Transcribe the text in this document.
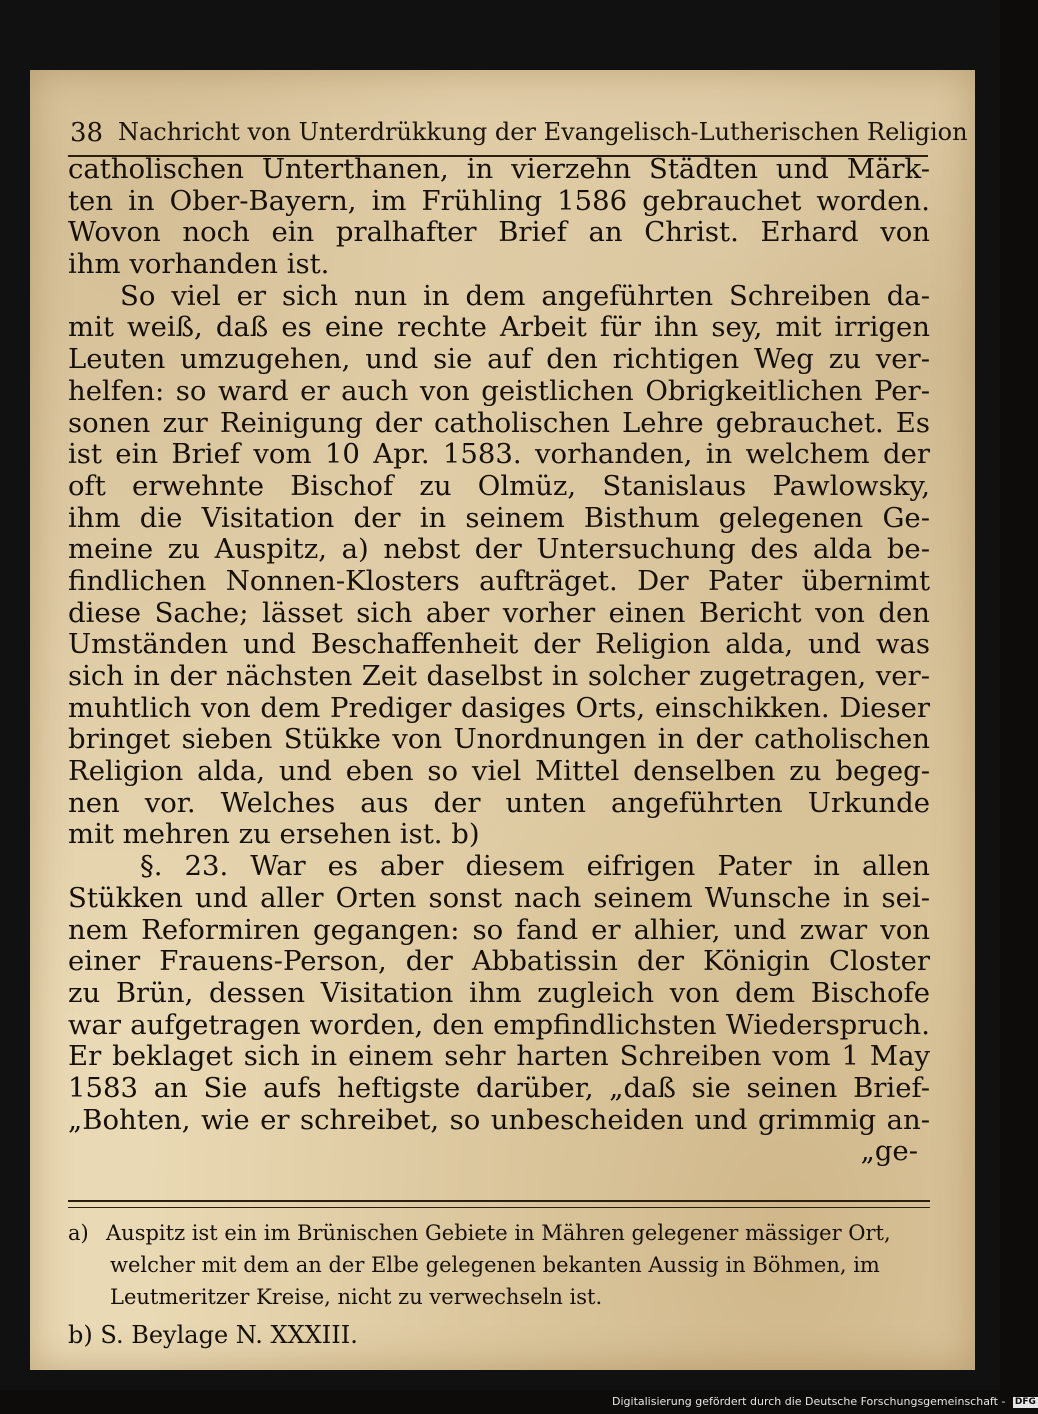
38 Nachricht von Unterdrükkung der Evangelisch-Lutherischen Religion
catholischen Unterthanen, in vierzehn Städten und Märk-
ten in Ober-Bayern, im Frühling 1586 gebrauchet worden.
Wovon noch ein pralhafter Brief an Christ. Erhard von
ihm vorhanden ist.
So viel er sich nun in dem angeführten Schreiben da-
mit weiß, daß es eine rechte Arbeit für ihn sey, mit irrigen
Leuten umzugehen, und sie auf den richtigen Weg zu ver-
helfen: so ward er auch von geistlichen Obrigkeitlichen Per-
sonen zur Reinigung der catholischen Lehre gebrauchet. Es
ist ein Brief vom 10 Apr. 1583. vorhanden, in welchem der
oft erwehnte Bischof zu Olmüz, Stanislaus Pawlowsky,
ihm die Visitation der in seinem Bisthum gelegenen Ge-
meine zu Auspitz, a) nebst der Untersuchung des alda be-
findlichen Nonnen-Klosters aufträget. Der Pater übernimt
diese Sache; lässet sich aber vorher einen Bericht von den
Umständen und Beschaffenheit der Religion alda, und was
sich in der nächsten Zeit daselbst in solcher zugetragen, ver-
muhtlich von dem Prediger dasiges Orts, einschikken. Dieser
bringet sieben Stükke von Unordnungen in der catholischen
Religion alda, und eben so viel Mittel denselben zu begeg-
nen vor. Welches aus der unten angeführten Urkunde
mit mehren zu ersehen ist. b)
§. 23. War es aber diesem eifrigen Pater in allen
Stükken und aller Orten sonst nach seinem Wunsche in sei-
nem Reformiren gegangen: so fand er alhier, und zwar von
einer Frauens-Person, der Abbatissin der Königin Closter
zu Brün, dessen Visitation ihm zugleich von dem Bischofe
war aufgetragen worden, den empfindlichsten Wiederspruch.
Er beklaget sich in einem sehr harten Schreiben vom 1 May
1583 an Sie aufs heftigste darüber, „daß sie seinen Brief-
„Bohten, wie er schreibet, so unbescheiden und grimmig an-
„ge-
a) Auspitz ist ein im Brünischen Gebiete in Mähren gelegener mässiger Ort,
welcher mit dem an der Elbe gelegenen bekanten Aussig in Böhmen, im
Leutmeritzer Kreise, nicht zu verwechseln ist.
b) S. Beylage N. XXXIII.
Digitalisierung gefördert durch die Deutsche Forschungsgemeinschaft - DFG
